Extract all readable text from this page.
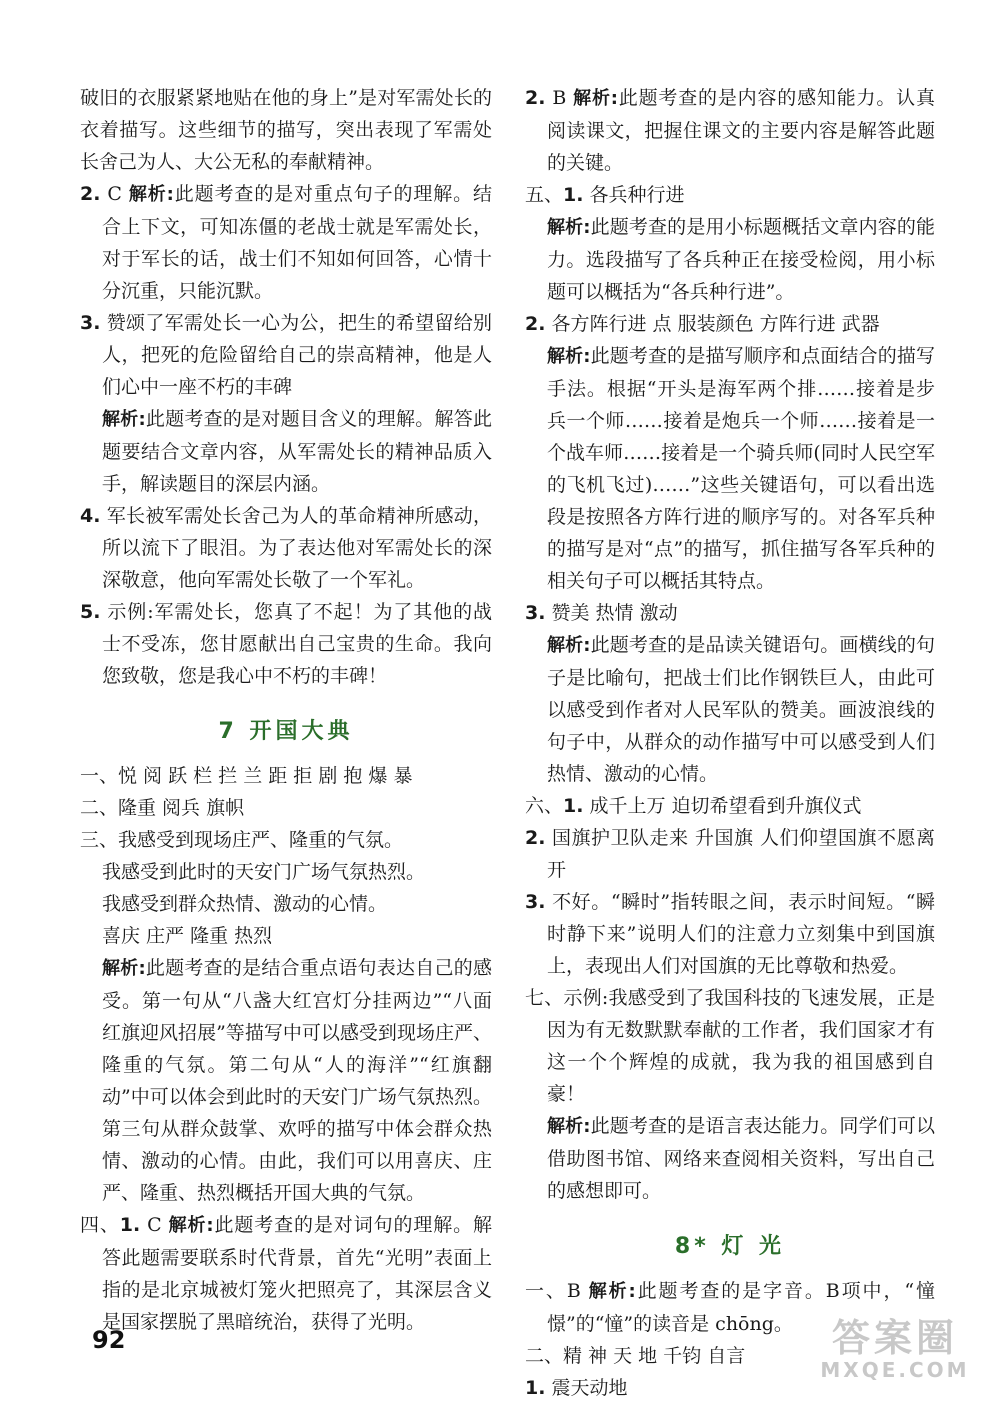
破旧的衣服紧紧地贴在他的身上”是对军需处长的衣着描写。这些细节的描写，突出表现了军需处长舍己为人、大公无私的奉献精神。

2. C 解析:此题考查的是对重点句子的理解。结合上下文，可知冻僵的老战士就是军需处长，对于军长的话，战士们不知如何回答，心情十分沉重，只能沉默。

3. 赞颂了军需处长一心为公，把生的希望留给别人，把死的危险留给自己的崇高精神，他是人们心中一座不朽的丰碑

解析:此题考查的是对题目含义的理解。解答此题要结合文章内容，从军需处长的精神品质入手，解读题目的深层内涵。

4. 军长被军需处长舍己为人的革命精神所感动，所以流下了眼泪。为了表达他对军需处长的深深敬意，他向军需处长敬了一个军礼。

5. 示例:军需处长，您真了不起！为了其他的战士不受冻，您甘愿献出自己宝贵的生命。我向您致敬，您是我心中不朽的丰碑！

7 开国大典

一、悦 阅 跃 栏 拦 兰 距 拒 剧 抱 爆 暴

二、隆重 阅兵 旗帜

三、我感受到现场庄严、隆重的气氛。

我感受到此时的天安门广场气氛热烈。

我感受到群众热情、激动的心情。

喜庆 庄严 隆重 热烈

解析:此题考查的是结合重点语句表达自己的感受。第一句从“八盏大红宫灯分挂两边”“八面红旗迎风招展”等描写中可以感受到现场庄严、隆重的气氛。第二句从“人的海洋”“红旗翻动”中可以体会到此时的天安门广场气氛热烈。第三句从群众鼓掌、欢呼的描写中体会群众热情、激动的心情。由此，我们可以用喜庆、庄严、隆重、热烈概括开国大典的气氛。

四、1. C 解析:此题考查的是对词句的理解。解答此题需要联系时代背景，首先“光明”表面上指的是北京城被灯笼火把照亮了，其深层含义是国家摆脱了黑暗统治，获得了光明。

2. B 解析:此题考查的是内容的感知能力。认真阅读课文，把握住课文的主要内容是解答此题的关键。

五、1. 各兵种行进

解析:此题考查的是用小标题概括文章内容的能力。选段描写了各兵种正在接受检阅，用小标题可以概括为“各兵种行进”。

2. 各方阵行进 点 服装颜色 方阵行进 武器

解析:此题考查的是描写顺序和点面结合的描写手法。根据“开头是海军两个排……接着是步兵一个师……接着是炮兵一个师……接着是一个战车师……接着是一个骑兵师(同时人民空军的飞机飞过)……”这些关键语句，可以看出选段是按照各方阵行进的顺序写的。对各军兵种的描写是对“点”的描写，抓住描写各军兵种的相关句子可以概括其特点。

3. 赞美 热情 激动

解析:此题考查的是品读关键语句。画横线的句子是比喻句，把战士们比作钢铁巨人，由此可以感受到作者对人民军队的赞美。画波浪线的句子中，从群众的动作描写中可以感受到人们热情、激动的心情。

六、1. 成千上万 迫切希望看到升旗仪式

2. 国旗护卫队走来 升国旗 人们仰望国旗不愿离开

3. 不好。“瞬时”指转眼之间，表示时间短。“瞬时静下来”说明人们的注意力立刻集中到国旗上，表现出人们对国旗的无比尊敬和热爱。

七、示例:我感受到了我国科技的飞速发展，正是因为有无数默默奉献的工作者，我们国家才有这一个个辉煌的成就，我为我的祖国感到自豪！

解析:此题考查的是语言表达能力。同学们可以借助图书馆、网络来查阅相关资料，写出自己的感想即可。

8* 灯 光

一、B 解析:此题考查的是字音。B项中，“憧憬”的“憧”的读音是 chōng。

二、精 神 天 地 千钧 自言

1. 震天动地

92	答案圈
MXQE.COM
